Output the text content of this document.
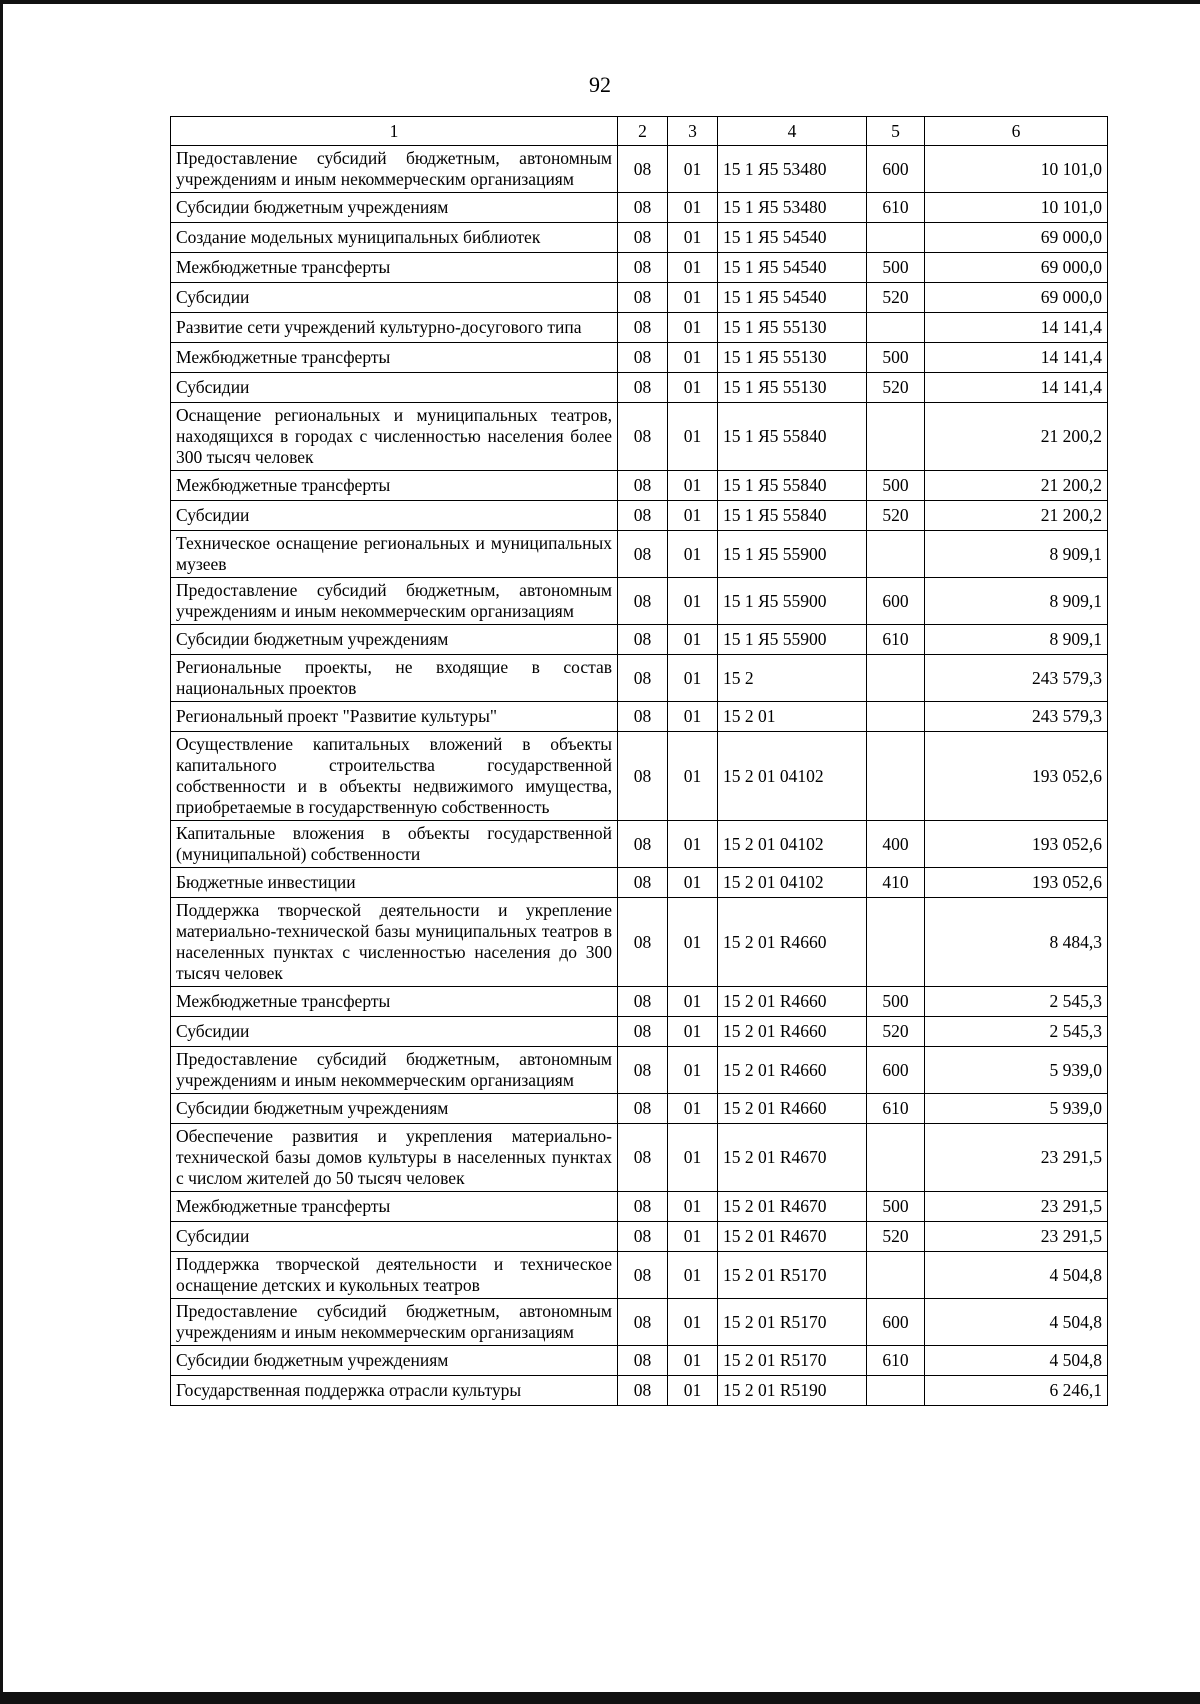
92
1	2	3	4	5	6
Предоставление субсидий бюджетным, автономным учреждениям и иным некоммерческим организациям	08	01	15 1 Я5 53480	600	10 101,0
Субсидии бюджетным учреждениям	08	01	15 1 Я5 53480	610	10 101,0
Создание модельных муниципальных библиотек	08	01	15 1 Я5 54540		69 000,0
Межбюджетные трансферты	08	01	15 1 Я5 54540	500	69 000,0
Субсидии	08	01	15 1 Я5 54540	520	69 000,0
Развитие сети учреждений культурно-досугового типа	08	01	15 1 Я5 55130		14 141,4
Межбюджетные трансферты	08	01	15 1 Я5 55130	500	14 141,4
Субсидии	08	01	15 1 Я5 55130	520	14 141,4
Оснащение региональных и муниципальных театров, находящихся в городах с численностью населения более 300 тысяч человек	08	01	15 1 Я5 55840		21 200,2
Межбюджетные трансферты	08	01	15 1 Я5 55840	500	21 200,2
Субсидии	08	01	15 1 Я5 55840	520	21 200,2
Техническое оснащение региональных и муниципальных музеев	08	01	15 1 Я5 55900		8 909,1
Предоставление субсидий бюджетным, автономным учреждениям и иным некоммерческим организациям	08	01	15 1 Я5 55900	600	8 909,1
Субсидии бюджетным учреждениям	08	01	15 1 Я5 55900	610	8 909,1
Региональные проекты, не входящие в состав национальных проектов	08	01	15 2		243 579,3
Региональный проект "Развитие культуры"	08	01	15 2 01		243 579,3
Осуществление капитальных вложений в объекты капитального строительства государственной собственности и в объекты недвижимого имущества, приобретаемые в государственную собственность	08	01	15 2 01 04102		193 052,6
Капитальные вложения в объекты государственной (муниципальной) собственности	08	01	15 2 01 04102	400	193 052,6
Бюджетные инвестиции	08	01	15 2 01 04102	410	193 052,6
Поддержка творческой деятельности и укрепление материально-технической базы муниципальных театров в населенных пунктах с численностью населения до 300 тысяч человек	08	01	15 2 01 R4660		8 484,3
Межбюджетные трансферты	08	01	15 2 01 R4660	500	2 545,3
Субсидии	08	01	15 2 01 R4660	520	2 545,3
Предоставление субсидий бюджетным, автономным учреждениям и иным некоммерческим организациям	08	01	15 2 01 R4660	600	5 939,0
Субсидии бюджетным учреждениям	08	01	15 2 01 R4660	610	5 939,0
Обеспечение развития и укрепления материально-технической базы домов культуры в населенных пунктах с числом жителей до 50 тысяч человек	08	01	15 2 01 R4670		23 291,5
Межбюджетные трансферты	08	01	15 2 01 R4670	500	23 291,5
Субсидии	08	01	15 2 01 R4670	520	23 291,5
Поддержка творческой деятельности и техническое оснащение детских и кукольных театров	08	01	15 2 01 R5170		4 504,8
Предоставление субсидий бюджетным, автономным учреждениям и иным некоммерческим организациям	08	01	15 2 01 R5170	600	4 504,8
Субсидии бюджетным учреждениям	08	01	15 2 01 R5170	610	4 504,8
Государственная поддержка отрасли культуры	08	01	15 2 01 R5190		6 246,1
